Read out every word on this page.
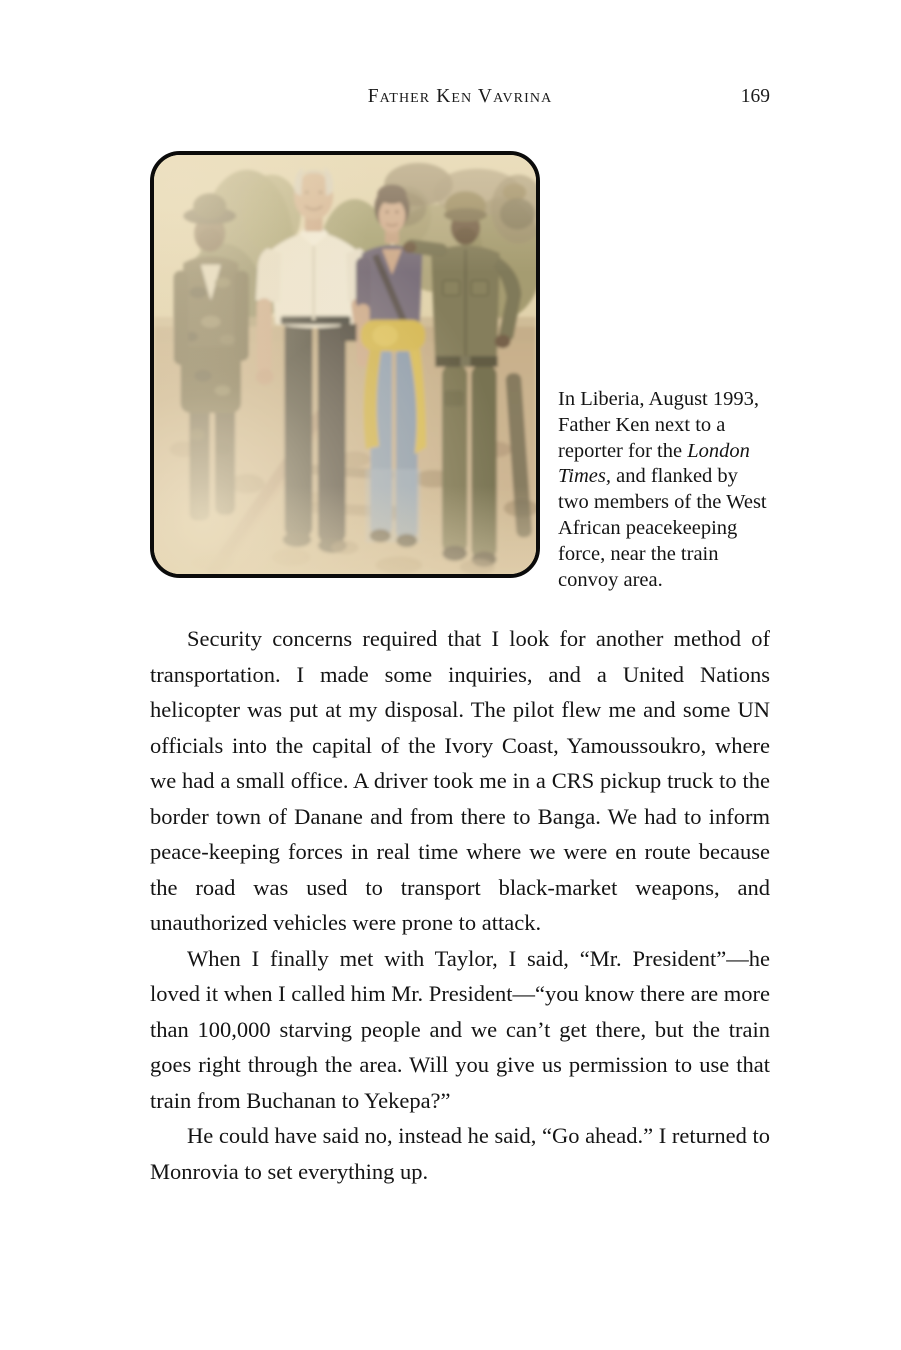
Father Ken Vavrina	169
In Liberia, August 1993, Father Ken next to a reporter for the London Times, and flanked by two members of the West African peacekeeping force, near the train convoy area.

Security concerns required that I look for another method of transportation. I made some inquiries, and a United Nations helicopter was put at my disposal. The pilot flew me and some UN officials into the capital of the Ivory Coast, Yamoussoukro, where we had a small office. A driver took me in a CRS pickup truck to the border town of Danane and from there to Banga. We had to inform peace-keeping forces in real time where we were en route because the road was used to transport black-market weapons, and unauthorized vehicles were prone to attack.

When I finally met with Taylor, I said, “Mr. President”—he loved it when I called him Mr. President—“you know there are more than 100,000 starving people and we can’t get there, but the train goes right through the area. Will you give us permission to use that train from Buchanan to Yekepa?”

He could have said no, instead he said, “Go ahead.” I returned to Monrovia to set everything up.
